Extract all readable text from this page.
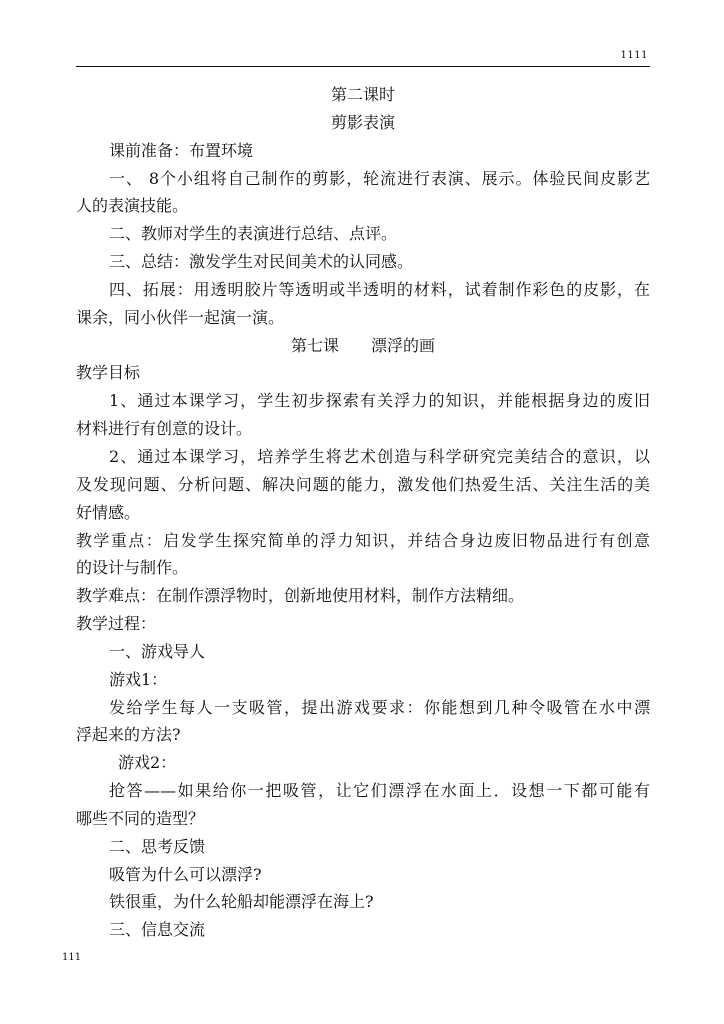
1111
第二课时
剪影表演
课前准备：布置环境
一、 8个小组将自己制作的剪影，轮流进行表演、展示。体验民间皮影艺
人的表演技能。
二、教师对学生的表演进行总结、点评。
三、总结：激发学生对民间美术的认同感。
四、拓展：用透明胶片等透明或半透明的材料，试着制作彩色的皮影，在
课余，同小伙伴一起演一演。
第七课　　漂浮的画
教学目标
1、通过本课学习，学生初步探索有关浮力的知识，并能根据身边的废旧
材料进行有创意的设计。
2、通过本课学习，培养学生将艺术创造与科学研究完美结合的意识，以
及发现问题、分析问题、解决问题的能力，激发他们热爱生活、关注生活的美
好情感。
教学重点：启发学生探究简单的浮力知识，并结合身边废旧物品进行有创意
的设计与制作。
教学难点：在制作漂浮物时，创新地使用材料，制作方法精细。
教学过程：
一、游戏导人
游戏1：
发给学生每人一支吸管，提出游戏要求：你能想到几种令吸管在水中漂
浮起来的方法?
游戏2：
抢答——如果给你一把吸管，让它们漂浮在水面上．设想一下都可能有
哪些不同的造型？
二、思考反馈
吸管为什么可以漂浮?
铁很重，为什么轮船却能漂浮在海上?
三、信息交流
111
